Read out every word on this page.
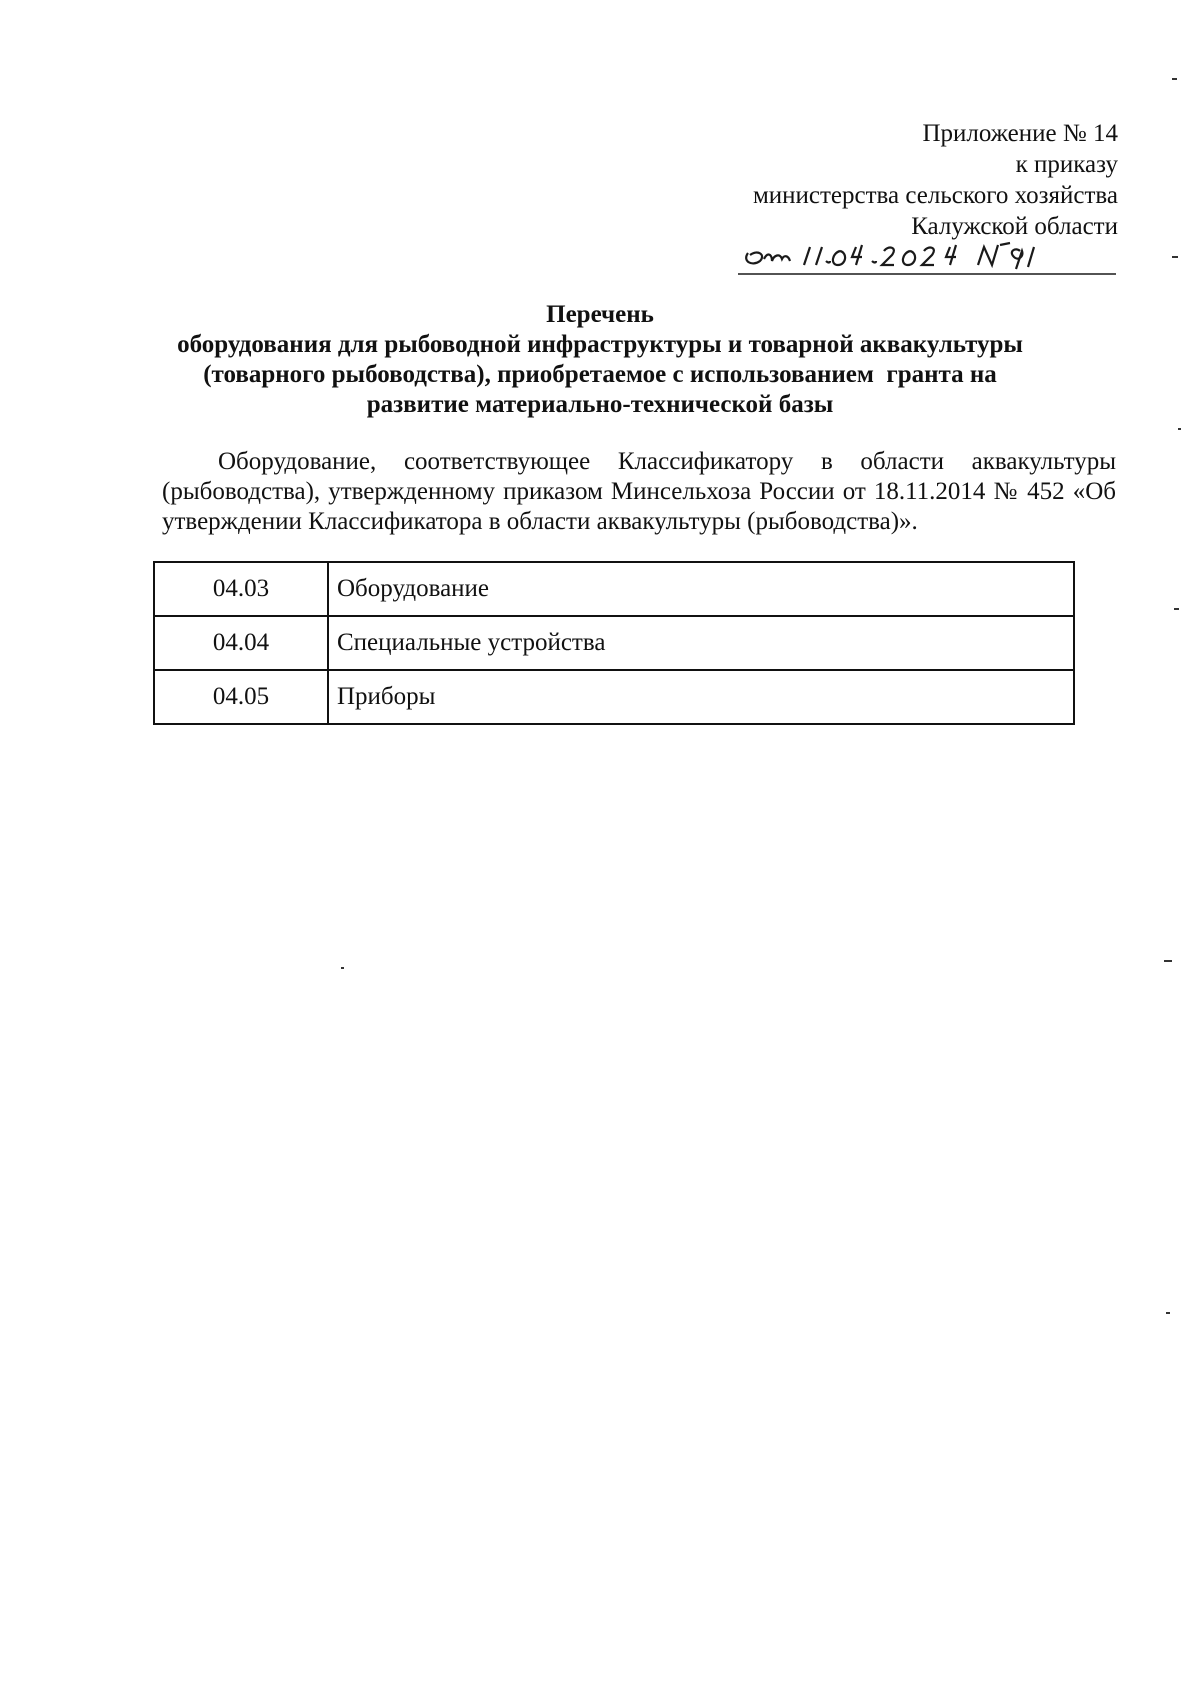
Приложение № 14
к приказу
министерства сельского хозяйства
Калужской области
Перечень
оборудования для рыбоводной инфраструктуры и товарной аквакультуры
(товарного рыбоводства), приобретаемое с использованием  гранта на
развитие материально-технической базы
Оборудование, соответствующее Классификатору в области аквакультуры (рыбоводства), утвержденному приказом Минсельхоза России от 18.11.2014 № 452 «Об утверждении Классификатора в области аквакультуры (рыбоводства)».
04.03	Оборудование
04.04	Специальные устройства
04.05	Приборы
